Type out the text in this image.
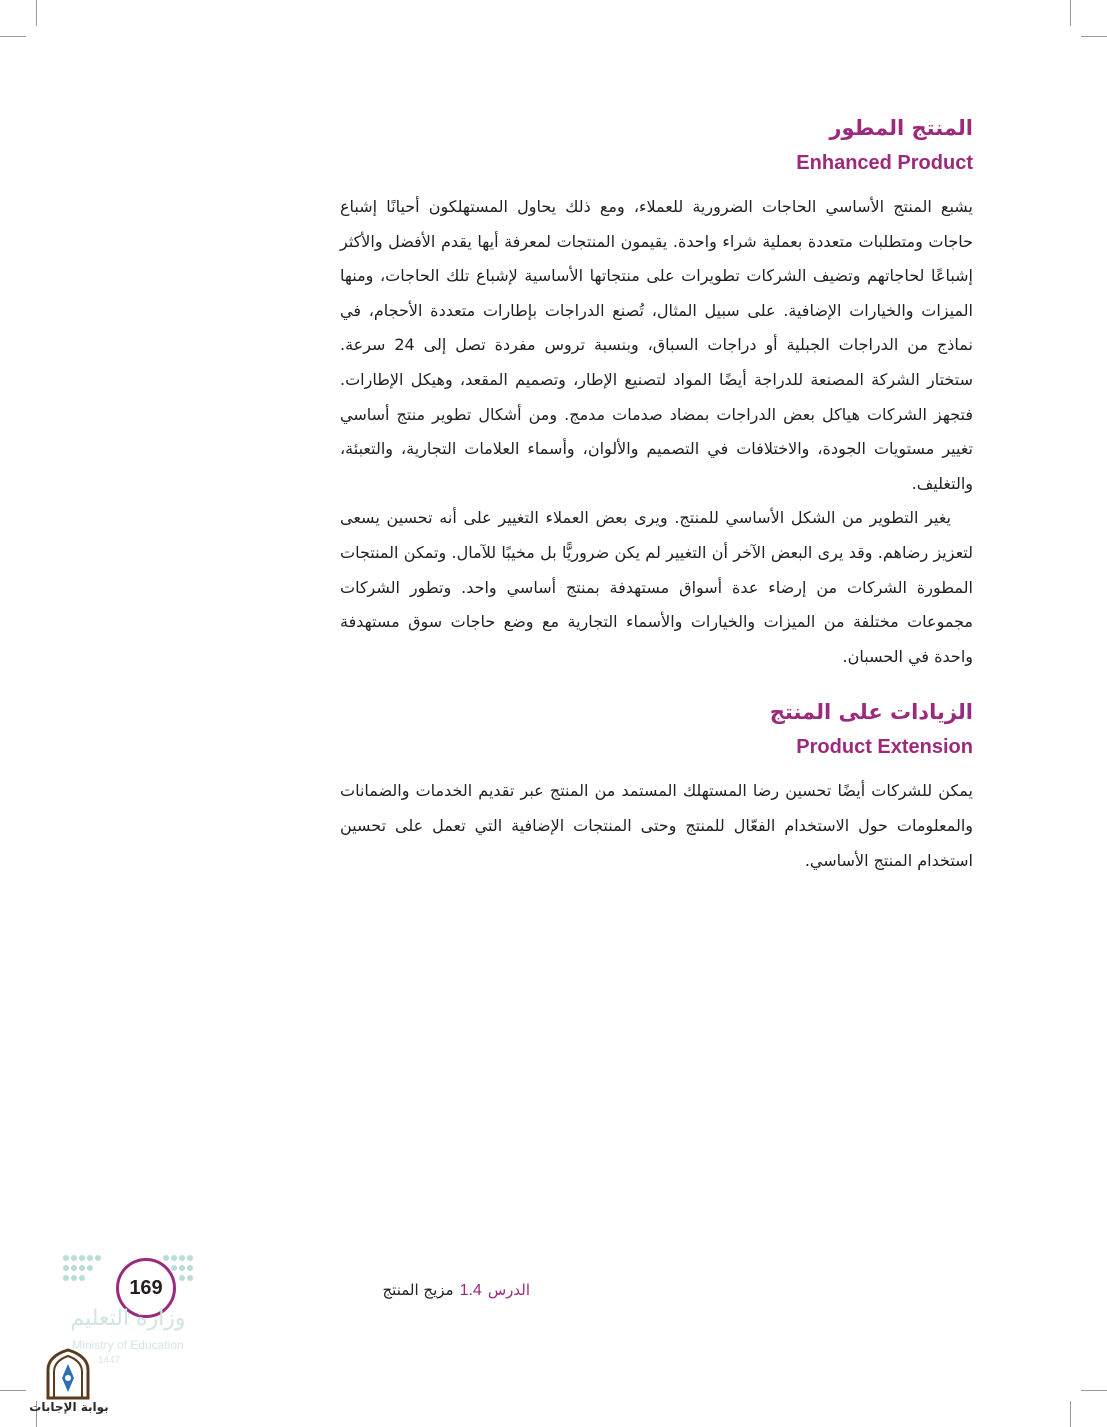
المنتج المطور
Enhanced Product

يشبع المنتج الأساسي الحاجات الضرورية للعملاء، ومع ذلك يحاول المستهلكون أحيانًا إشباع حاجات ومتطلبات متعددة بعملية شراء واحدة. يقيمون المنتجات لمعرفة أيها يقدم الأفضل والأكثر إشباعًا لحاجاتهم وتضيف الشركات تطويرات على منتجاتها الأساسية لإشباع تلك الحاجات، ومنها الميزات والخيارات الإضافية. على سبيل المثال، تُصنع الدراجات بإطارات متعددة الأحجام، في نماذج من الدراجات الجبلية أو دراجات السباق، وبنسبة تروس مفردة تصل إلى 24 سرعة. ستختار الشركة المصنعة للدراجة أيضًا المواد لتصنيع الإطار، وتصميم المقعد، وهيكل الإطارات. فتجهز الشركات هياكل بعض الدراجات بمضاد صدمات مدمج. ومن أشكال تطوير منتج أساسي تغيير مستويات الجودة، والاختلافات في التصميم والألوان، وأسماء العلامات التجارية، والتعبئة، والتغليف.

يغير التطوير من الشكل الأساسي للمنتج. ويرى بعض العملاء التغيير على أنه تحسين يسعى لتعزيز رضاهم. وقد يرى البعض الآخر أن التغيير لم يكن ضروريًّا بل مخيبًا للآمال. وتمكن المنتجات المطورة الشركات من إرضاء عدة أسواق مستهدفة بمنتج أساسي واحد. وتطور الشركات مجموعات مختلفة من الميزات والخيارات والأسماء التجارية مع وضع حاجات سوق مستهدفة واحدة في الحسبان.

الزيادات على المنتج
Product Extension

يمكن للشركات أيضًا تحسين رضا المستهلك المستمد من المنتج عبر تقديم الخدمات والضمانات والمعلومات حول الاستخدام الفعّال للمنتج وحتى المنتجات الإضافية التي تعمل على تحسين استخدام المنتج الأساسي.

الدرس1.4مزيج المنتج
169
وزارة التعليم
Ministry of Education
1447
بوابة الإجابات
